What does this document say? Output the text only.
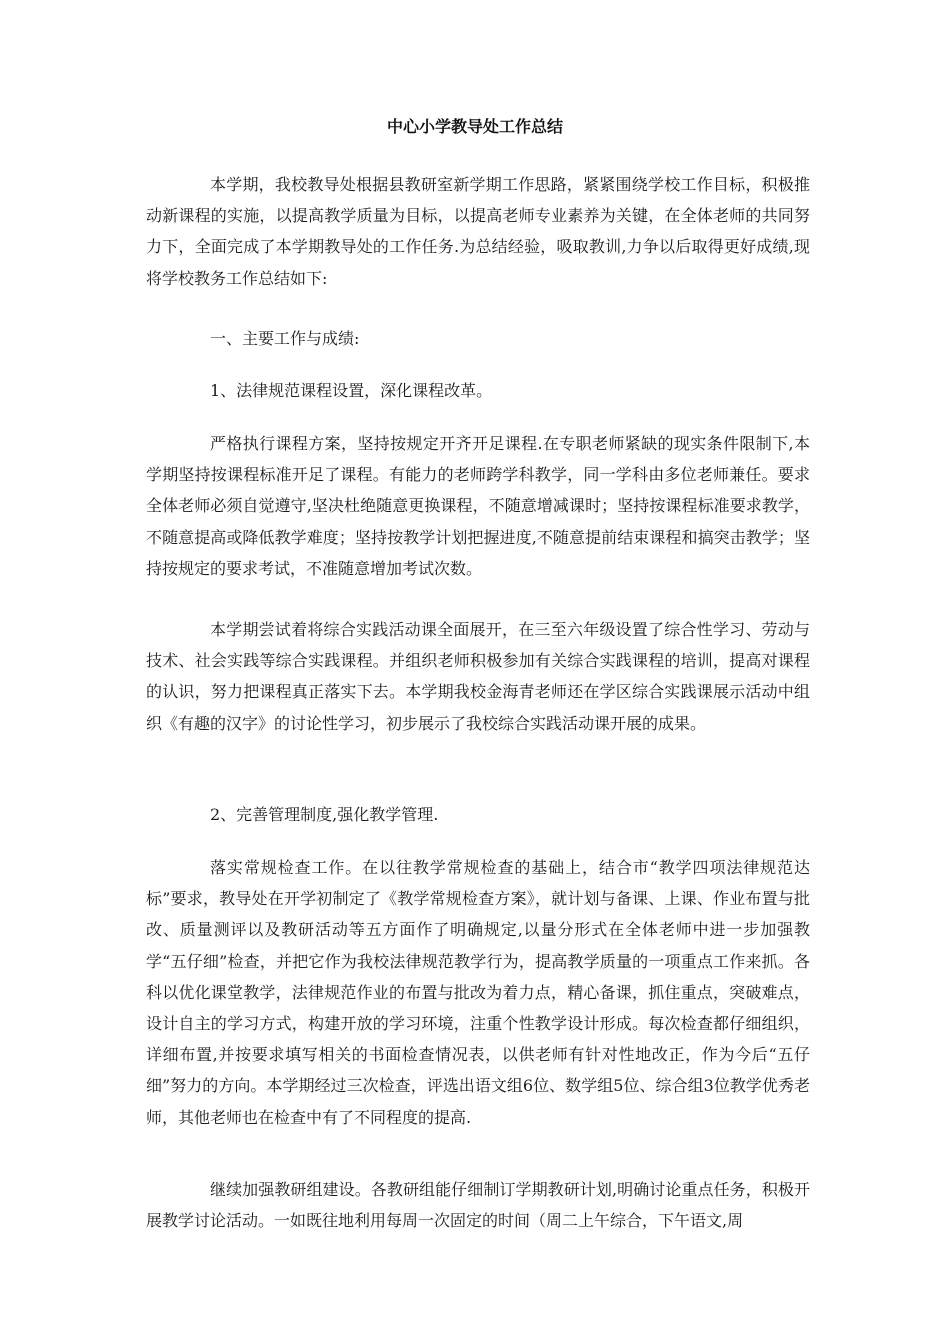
中心小学教导处工作总结
本学期，我校教导处根据县教研室新学期工作思路，紧紧围绕学校工作目标，积极推动新课程的实施，以提高教学质量为目标，以提高老师专业素养为关键，在全体老师的共同努力下，全面完成了本学期教导处的工作任务.为总结经验，吸取教训,力争以后取得更好成绩,现将学校教务工作总结如下:
一、主要工作与成绩:
1、法律规范课程设置，深化课程改革。
严格执行课程方案，坚持按规定开齐开足课程.在专职老师紧缺的现实条件限制下,本学期坚持按课程标准开足了课程。有能力的老师跨学科教学，同一学科由多位老师兼任。要求全体老师必须自觉遵守,坚决杜绝随意更换课程，不随意增减课时；坚持按课程标准要求教学，不随意提高或降低教学难度；坚持按教学计划把握进度,不随意提前结束课程和搞突击教学；坚持按规定的要求考试，不准随意增加考试次数。
本学期尝试着将综合实践活动课全面展开，在三至六年级设置了综合性学习、劳动与技术、社会实践等综合实践课程。并组织老师积极参加有关综合实践课程的培训，提高对课程的认识，努力把课程真正落实下去。本学期我校金海青老师还在学区综合实践课展示活动中组织《有趣的汉字》的讨论性学习，初步展示了我校综合实践活动课开展的成果。
2、完善管理制度,强化教学管理.
落实常规检查工作。在以往教学常规检查的基础上，结合市“教学四项法律规范达标”要求，教导处在开学初制定了《教学常规检查方案》，就计划与备课、上课、作业布置与批改、质量测评以及教研活动等五方面作了明确规定,以量分形式在全体老师中进一步加强教学“五仔细”检查，并把它作为我校法律规范教学行为，提高教学质量的一项重点工作来抓。各科以优化课堂教学，法律规范作业的布置与批改为着力点，精心备课，抓住重点，突破难点，设计自主的学习方式，构建开放的学习环境，注重个性教学设计形成。每次检查都仔细组织，详细布置,并按要求填写相关的书面检查情况表，以供老师有针对性地改正，作为今后“五仔细”努力的方向。本学期经过三次检查，评选出语文组6位、数学组5位、综合组3位教学优秀老师，其他老师也在检查中有了不同程度的提高.
继续加强教研组建设。各教研组能仔细制订学期教研计划,明确讨论重点任务，积极开展教学讨论活动。一如既往地利用每周一次固定的时间（周二上午综合，下午语文,周
